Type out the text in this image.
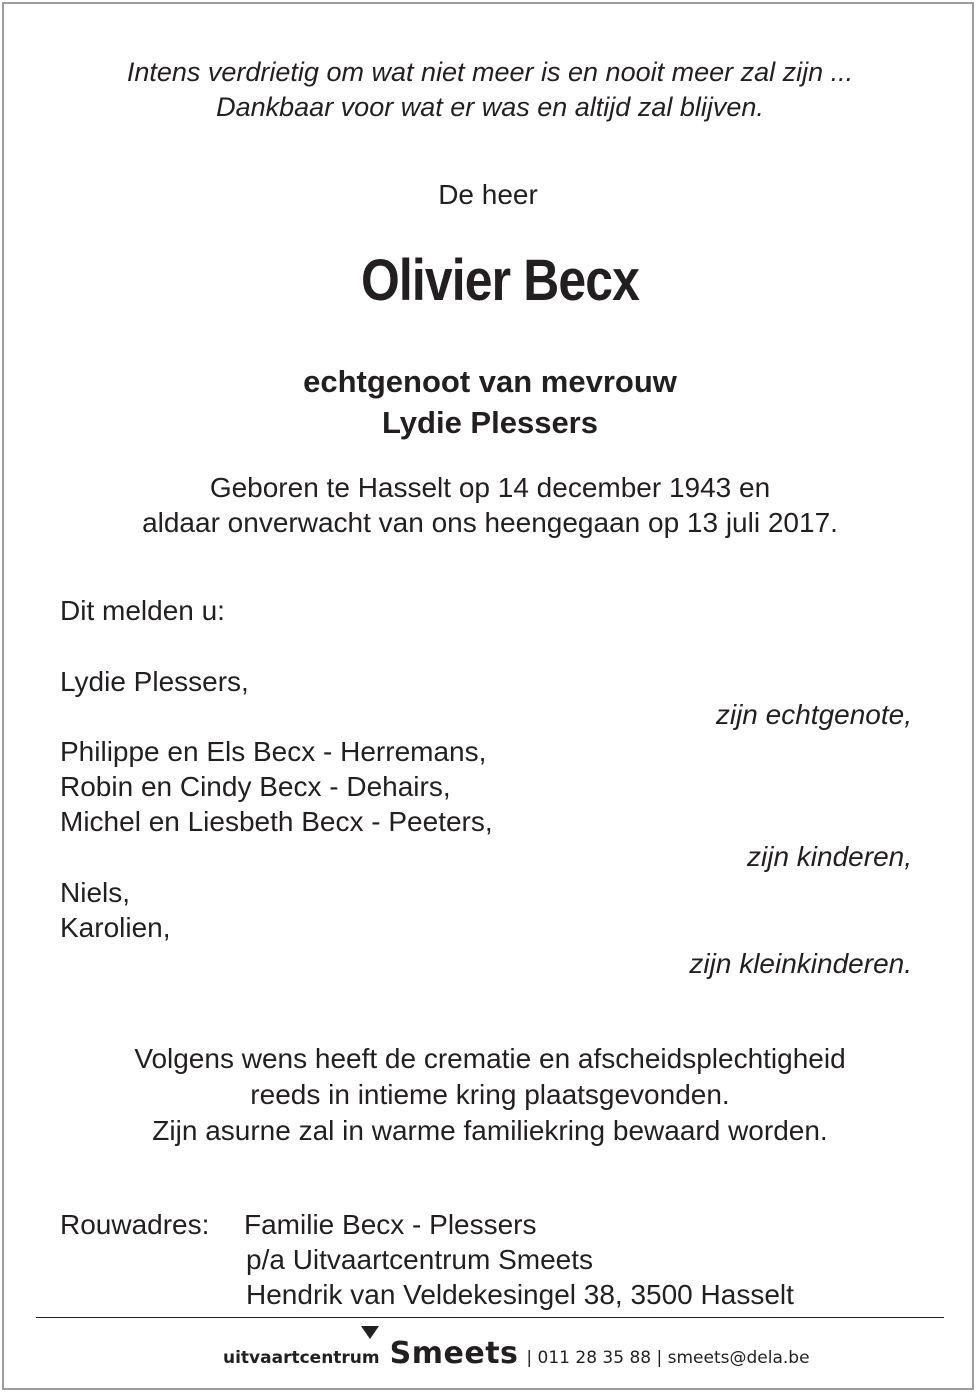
Intens verdrietig om wat niet meer is en nooit meer zal zijn ...
Dankbaar voor wat er was en altijd zal blijven.
De heer
Olivier Becx
echtgenoot van mevrouw
Lydie Plessers
Geboren te Hasselt op 14 december 1943 en
aldaar onverwacht van ons heengegaan op 13 juli 2017.
Dit melden u:
Lydie Plessers,
zijn echtgenote,
Philippe en Els Becx - Herremans,
Robin en Cindy Becx - Dehairs,
Michel en Liesbeth Becx - Peeters,
zijn kinderen,
Niels,
Karolien,
zijn kleinkinderen.
Volgens wens heeft de crematie en afscheidsplechtigheid
reeds in intieme kring plaatsgevonden.
Zijn asurne zal in warme familiekring bewaard worden.
Rouwadres: Familie Becx - Plessers
p/a Uitvaartcentrum Smeets
Hendrik van Veldekesingel 38, 3500 Hasselt
uitvaartcentrum Smeets | 011 28 35 88 | smeets@dela.be
